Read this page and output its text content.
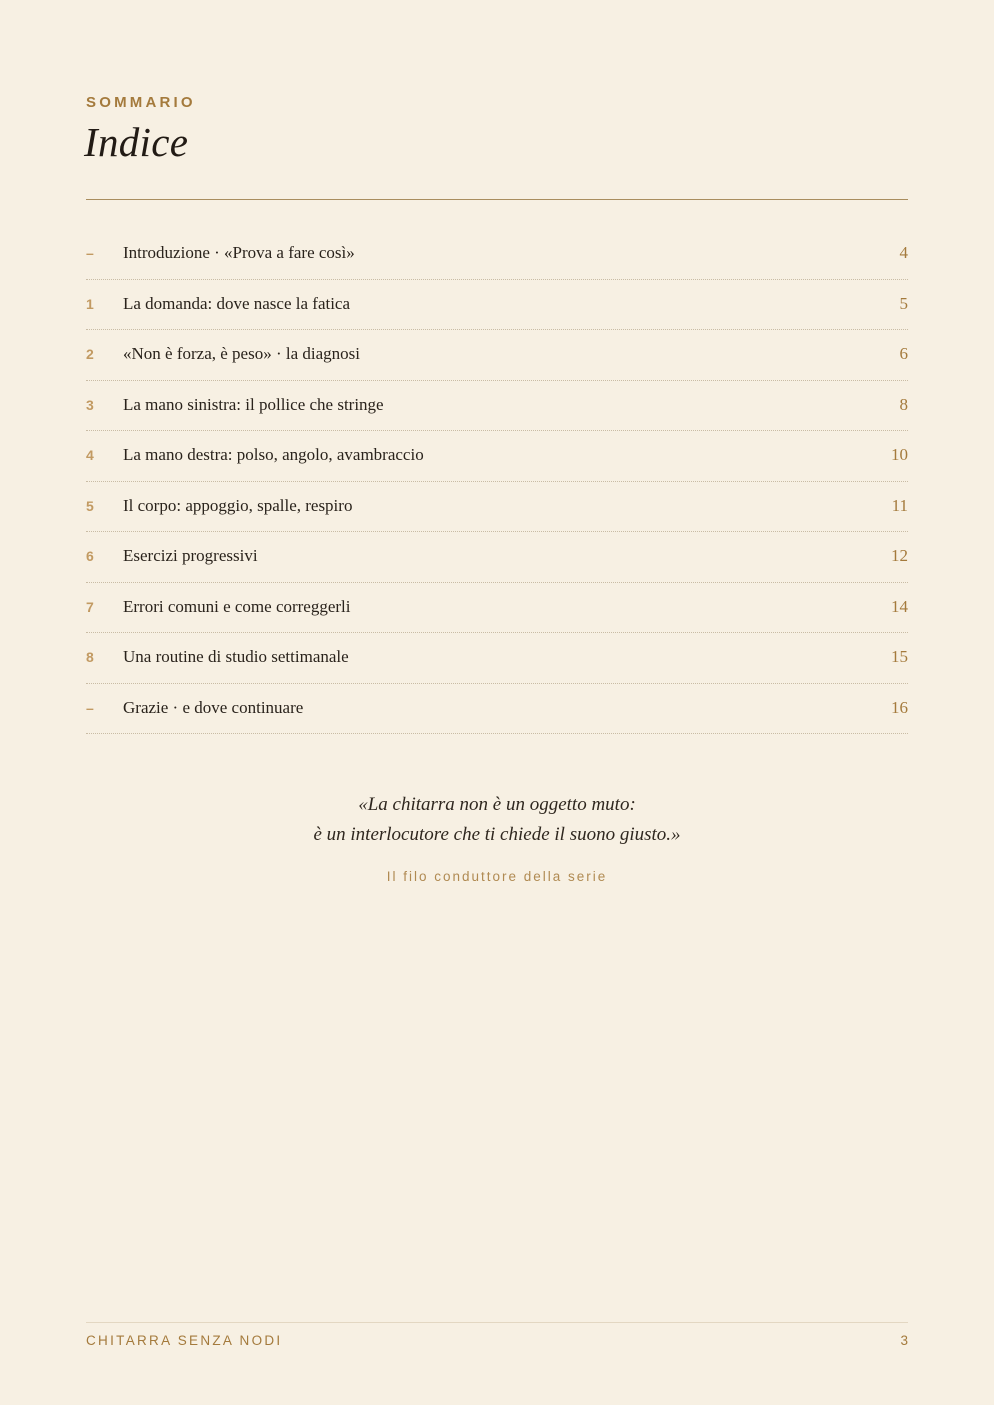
SOMMARIO
Indice
– Introduzione · «Prova a fare così»	4
1 La domanda: dove nasce la fatica	5
2 «Non è forza, è peso» · la diagnosi	6
3 La mano sinistra: il pollice che stringe	8
4 La mano destra: polso, angolo, avambraccio	10
5 Il corpo: appoggio, spalle, respiro	11
6 Esercizi progressivi	12
7 Errori comuni e come correggerli	14
8 Una routine di studio settimanale	15
– Grazie · e dove continuare	16
«La chitarra non è un oggetto muto:
è un interlocutore che ti chiede il suono giusto.»
Il filo conduttore della serie
CHITARRA SENZA NODI	3
